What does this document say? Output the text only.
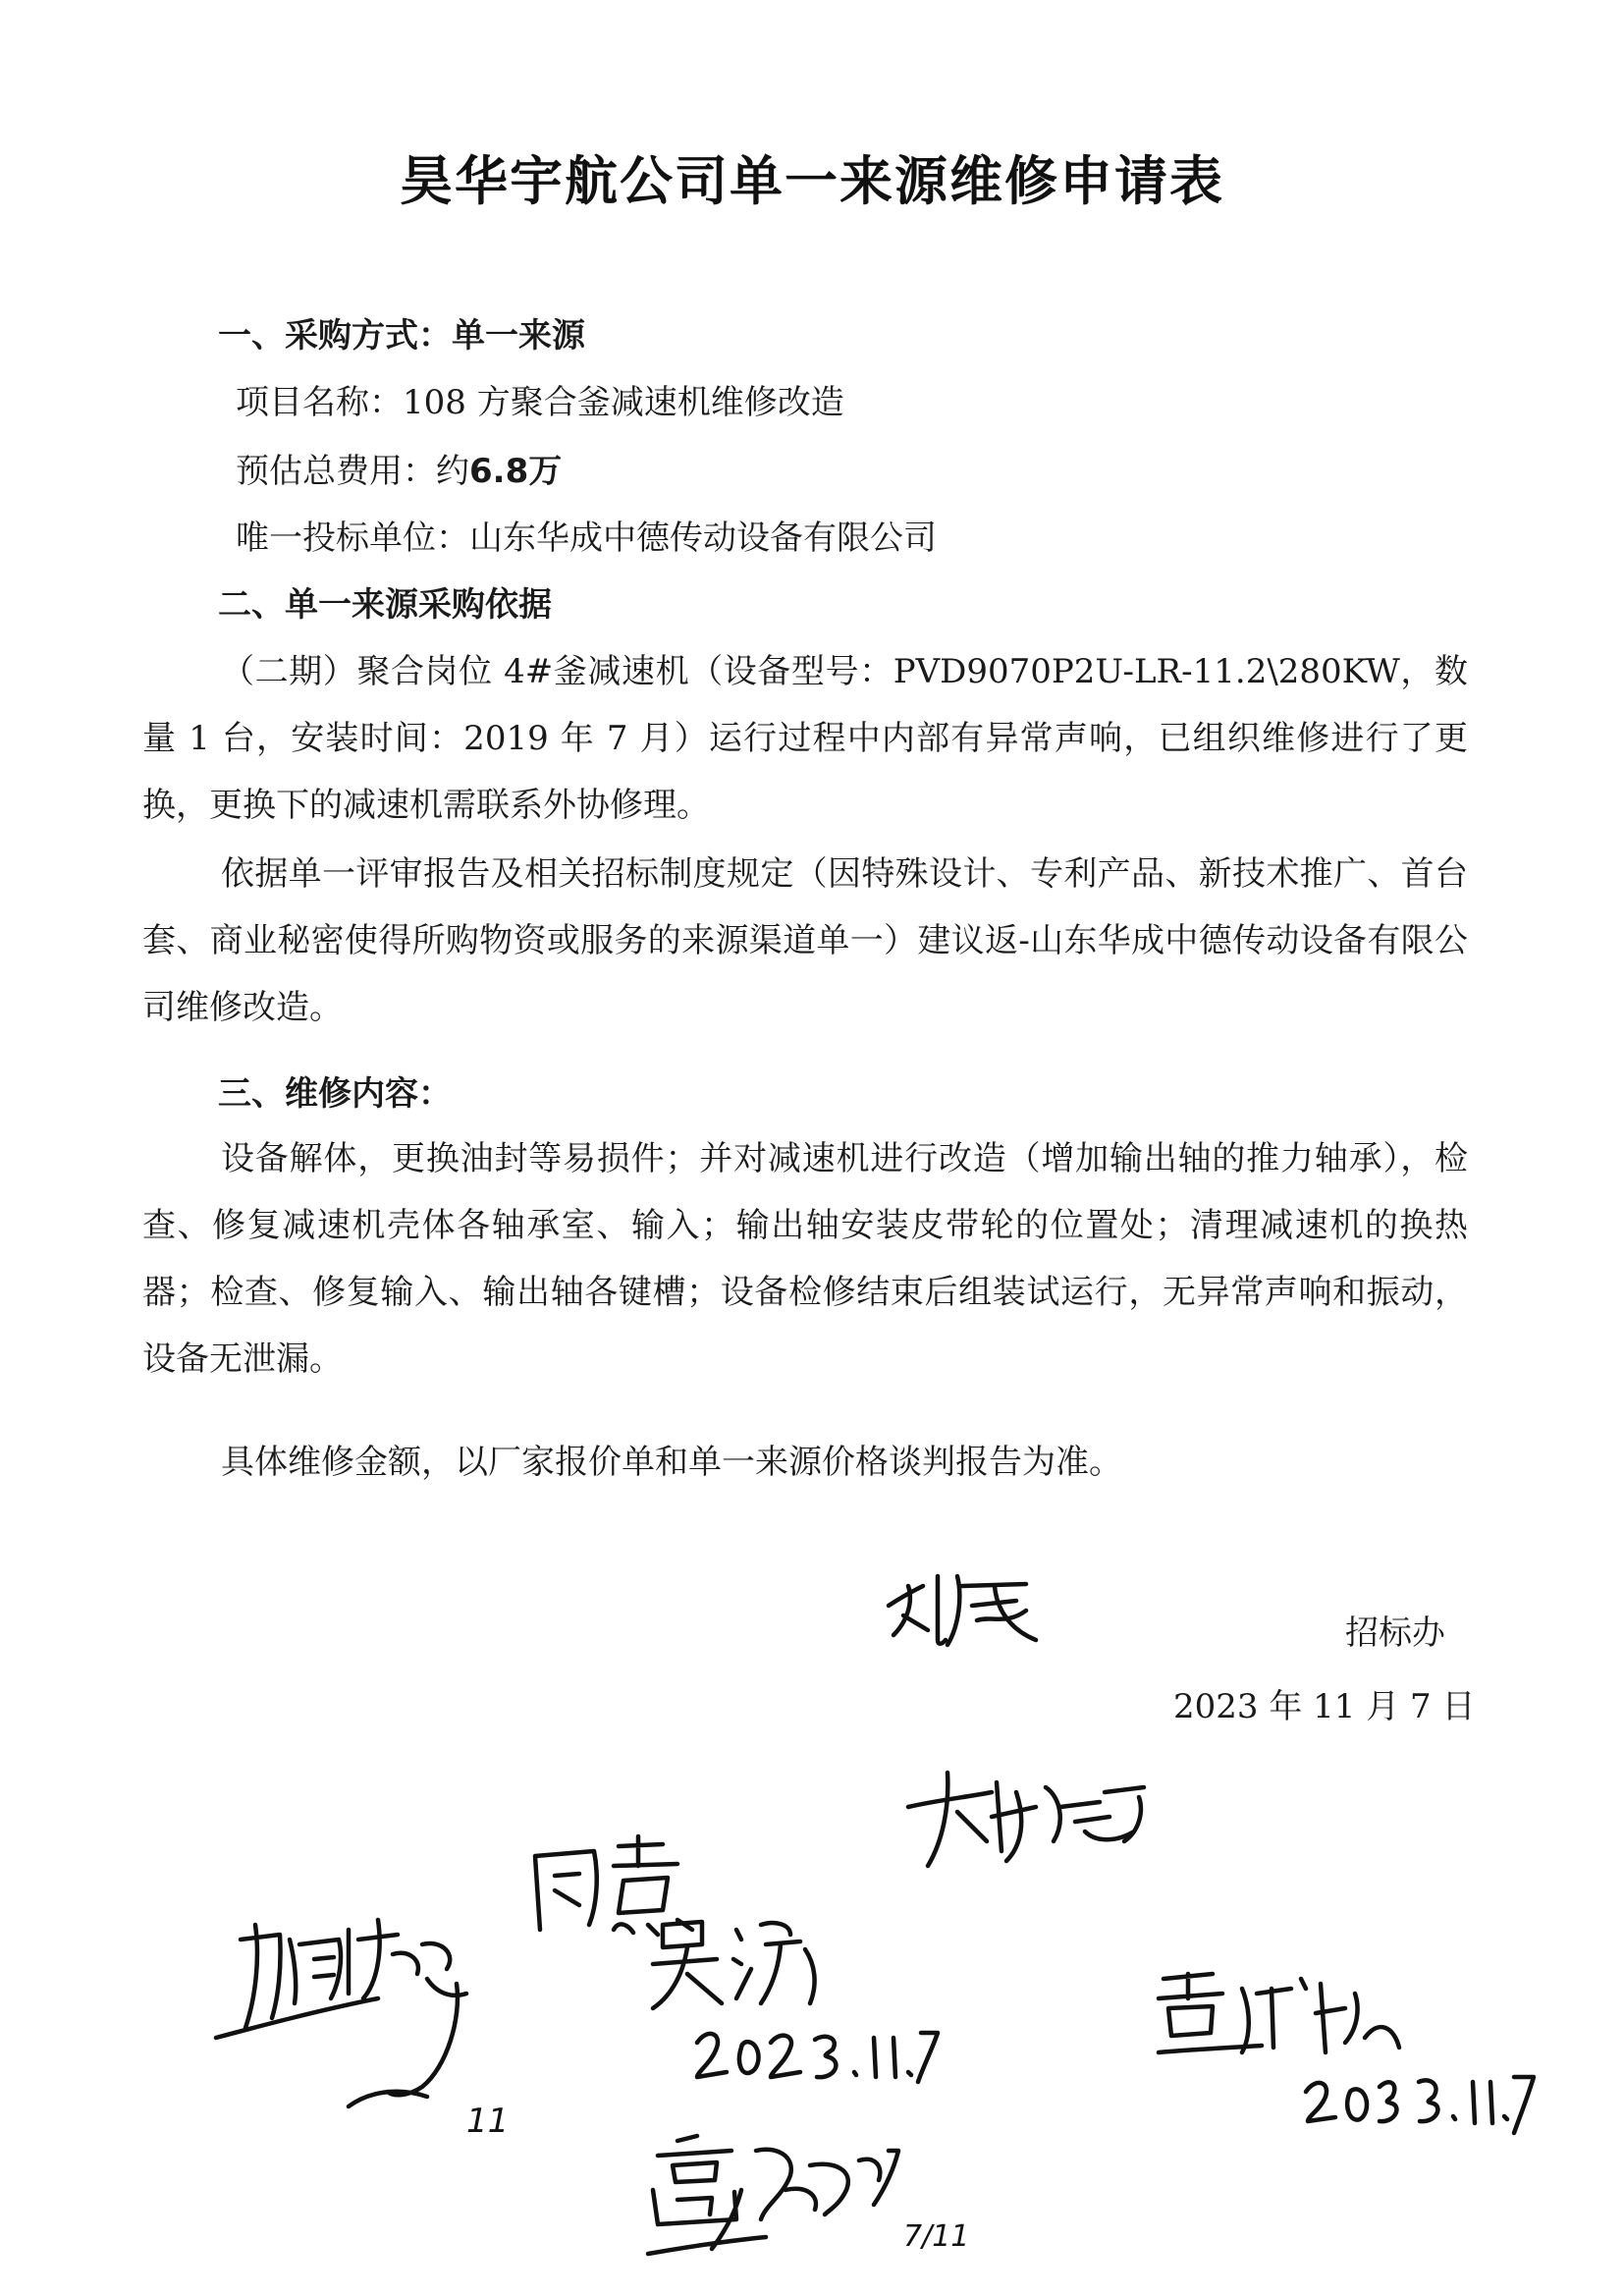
昊华宇航公司单一来源维修申请表
一、采购方式：单一来源
项目名称：108 方聚合釜减速机维修改造
预估总费用：约6.8万
唯一投标单位：山东华成中德传动设备有限公司
二、单一来源采购依据
（二期）聚合岗位 4#釜减速机（设备型号：PVD9070P2U-LR-11.2\280KW，数量 1 台，安装时间：2019 年 7 月）运行过程中内部有异常声响，已组织维修进行了更换，更换下的减速机需联系外协修理。
依据单一评审报告及相关招标制度规定（因特殊设计、专利产品、新技术推广、首台套、商业秘密使得所购物资或服务的来源渠道单一）建议返-山东华成中德传动设备有限公司维修改造。
三、维修内容：
设备解体，更换油封等易损件；并对减速机进行改造（增加输出轴的推力轴承），检查、修复减速机壳体各轴承室、输入；输出轴安装皮带轮的位置处；清理减速机的换热器；检查、修复输入、输出轴各键槽；设备检修结束后组装试运行，无异常声响和振动，设备无泄漏。
具体维修金额，以厂家报价单和单一来源价格谈判报告为准。
招标办
2023 年 11 月 7 日
11
7/11
